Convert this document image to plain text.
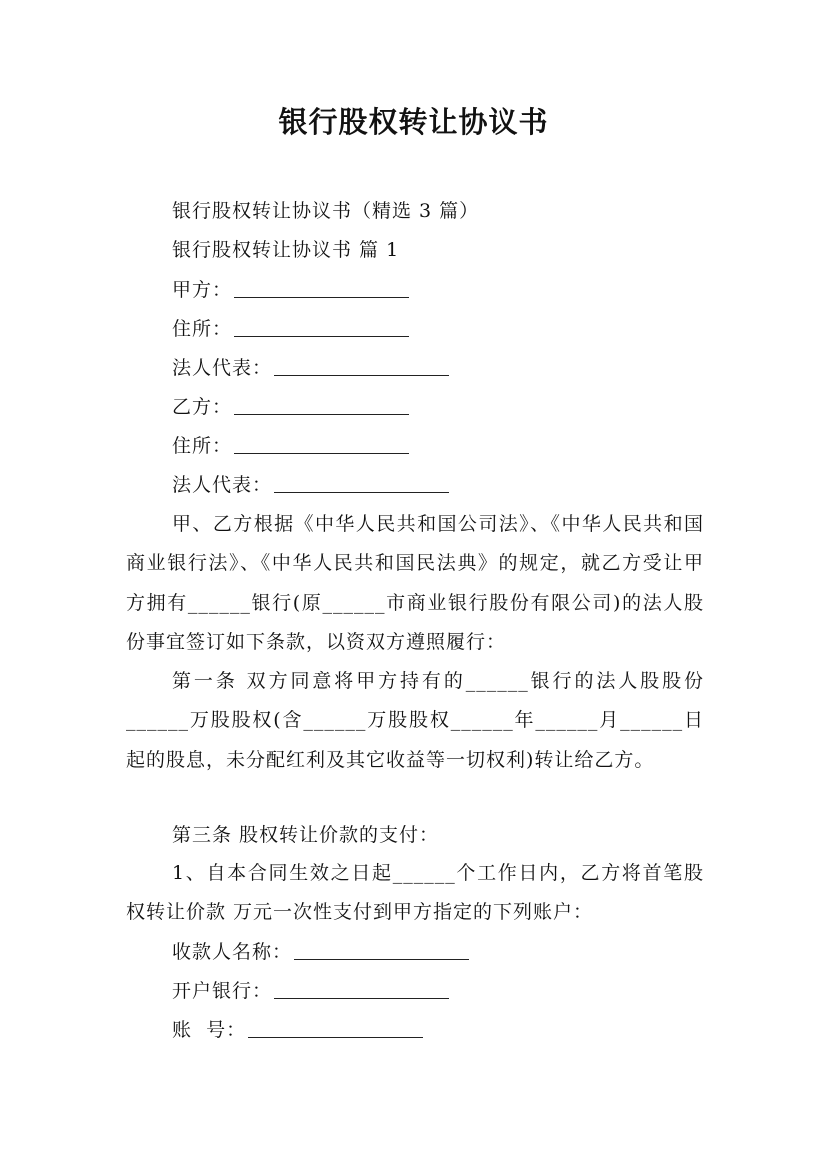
银行股权转让协议书
银行股权转让协议书（精选 3 篇）
银行股权转让协议书 篇 1
甲方：
住所：
法人代表：
乙方：
住所：
法人代表：
甲、乙方根据《中华人民共和国公司法》、《中华人民共和国商业银行法》、《中华人民共和国民法典》的规定，就乙方受让甲方拥有______银行(原______市商业银行股份有限公司)的法人股份事宜签订如下条款，以资双方遵照履行：
第一条 双方同意将甲方持有的______银行的法人股股份______万股股权(含______万股股权______年______月______日起的股息，未分配红利及其它收益等一切权利)转让给乙方。
第三条 股权转让价款的支付：
1、自本合同生效之日起______个工作日内，乙方将首笔股权转让价款 万元一次性支付到甲方指定的下列账户：
收款人名称：
开户银行：
账  号：
